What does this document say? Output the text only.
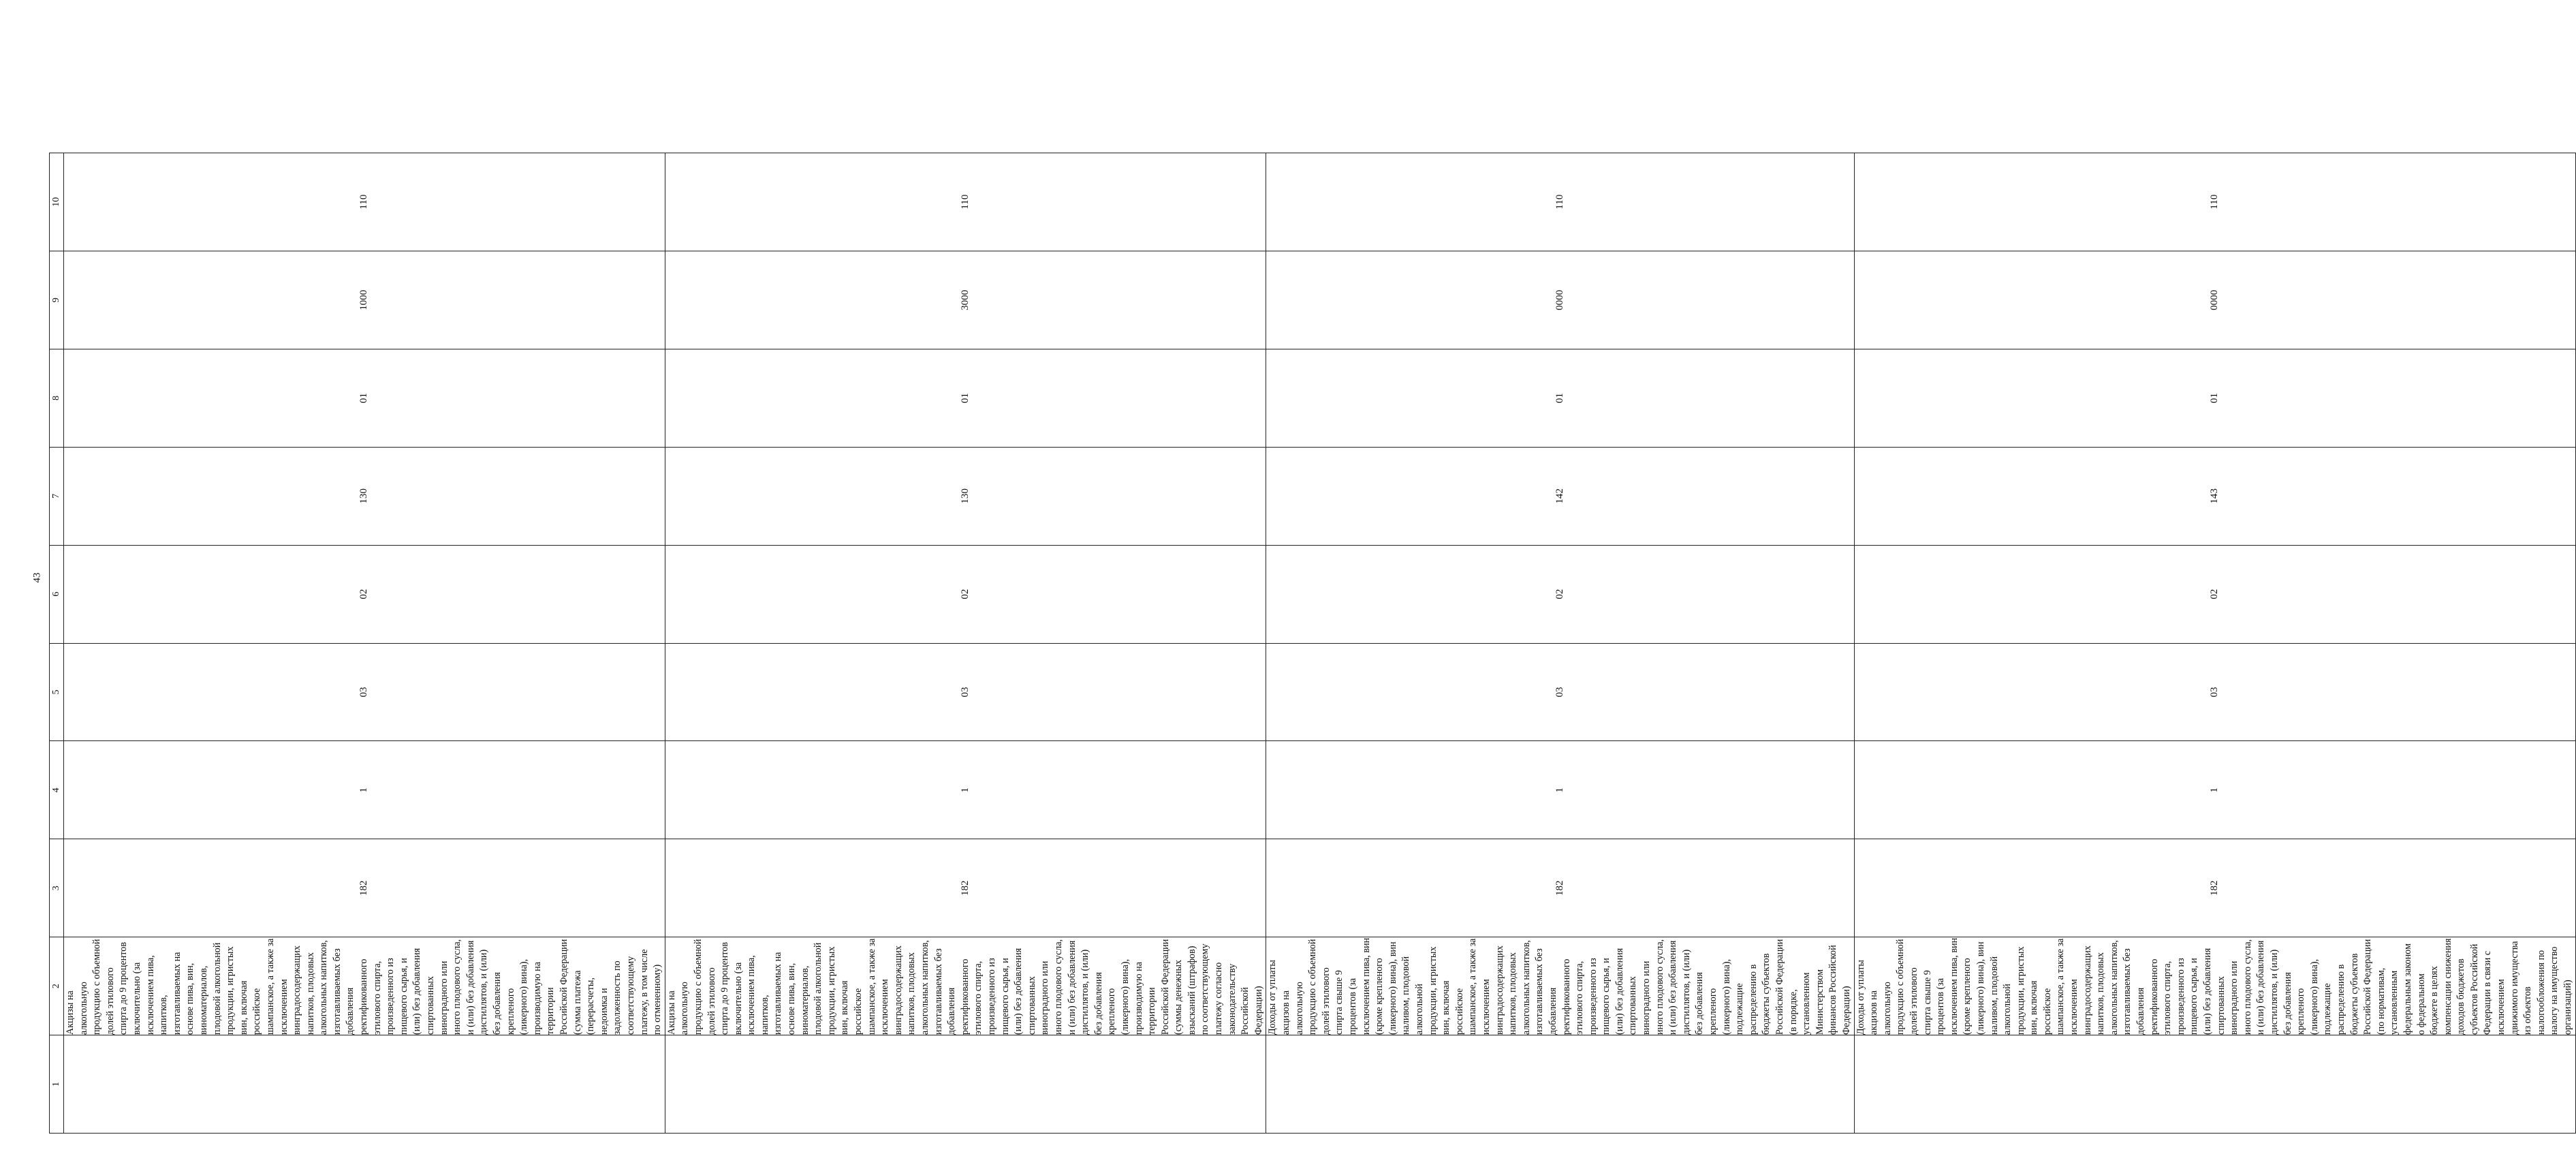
43
1	2	3	4	5	6	7	8	9	10
	Акцизы на алкогольную продукцию с объемной долей этилового спирта до 9 процентов включительно (за исключением пива, напитков, изготавливаемых на основе пива, вин, виноматериалов, плодовой алкогольной продукции, игристых вин, включая российское шампанское, а также за исключением винградосодержащих напитков, плодовых алкогольных напитков, изготавливаемых без добавления ректификованного этилового спирта, произведенного из пищевого сырья, и (или) без добавления спиртованных виноградного или иного плодового сусла, и (или) без добавления дистиллятов, и (или) без добавления крепленого (ликерного) вина), производимую на территории Российской Федерации (сумма платежа (перерасчеты, недоимка и задолженность по соответствующему платежу, в том числе по отмененному)	182	1	03	02	130	01	1000	110
	Акцизы на алкогольную продукцию с объемной долей этилового спирта до 9 процентов включительно (за исключением пива, напитков, изготавливаемых на основе пива, вин, виноматериалов, плодовой алкогольной продукции, игристых вин, включая российское шампанское, а также за исключением винградосодержащих напитков, плодовых алкогольных напитков, изготавливаемых без добавления ректификованного этилового спирта, произведенного из пищевого сырья, и (или) без добавления спиртованных виноградного или иного плодового сусла, и (или) без добавления дистиллятов, и (или) без добавления крепленого (ликерного) вина), производимую на территории Российской Федерации (суммы денежных взысканий (штрафов) по соответствующему платежу согласно законодательству Российской Федерации)	182	1	03	02	130	01	3000	110
	Доходы от уплаты акцизов на алкогольную продукцию с объемной долей этилового спирта свыше 9 процентов (за исключением пива, вин (кроме крепленого (ликерного) вина), вин наливом, плодовой алкогольной продукции, игристых вин, включая российское шампанское, а также за исключением винградосодержащих напитков, плодовых алкогольных напитков, изготавливаемых без добавления ректификованного этилового спирта, произведенного из пищевого сырья, и (или) без добавления спиртованных виноградного или иного плодового сусла, и (или) без добавления дистиллятов, и (или) без добавления крепленого (ликерного) вина), подлежащие распределению в бюджеты субъектов Российской Федерации (в порядке, установленном Министерством финансов Российской Федерации)	182	1	03	02	142	01	0000	110
	Доходы от уплаты акцизов на алкогольную продукцию с объемной долей этилового спирта свыше 9 процентов (за исключением пива, вин (кроме крепленого (ликерного) вина), вин наливом, плодовой алкогольной продукции, игристых вин, включая российское шампанское, а также за исключением винградосодержащих напитков, плодовых алкогольных напитков, изготавливаемых без добавления ректификованного этилового спирта, произведенного из пищевого сырья, и (или) без добавления спиртованных виноградного или иного плодового сусла, и (или) без добавления дистиллятов, и (или) без добавления крепленого (ликерного) вина), подлежащие распределению в бюджеты субъектов Российской Федерации (по нормативам, установленным федеральным законом о федеральном бюджете в целях компенсации снижения доходов бюджетов субъектов Российской Федерации в связи с исключением движимого имущества из объектов налогообложения по налогу на имущество организаций)	182	1	03	02	143	01	0000	110
